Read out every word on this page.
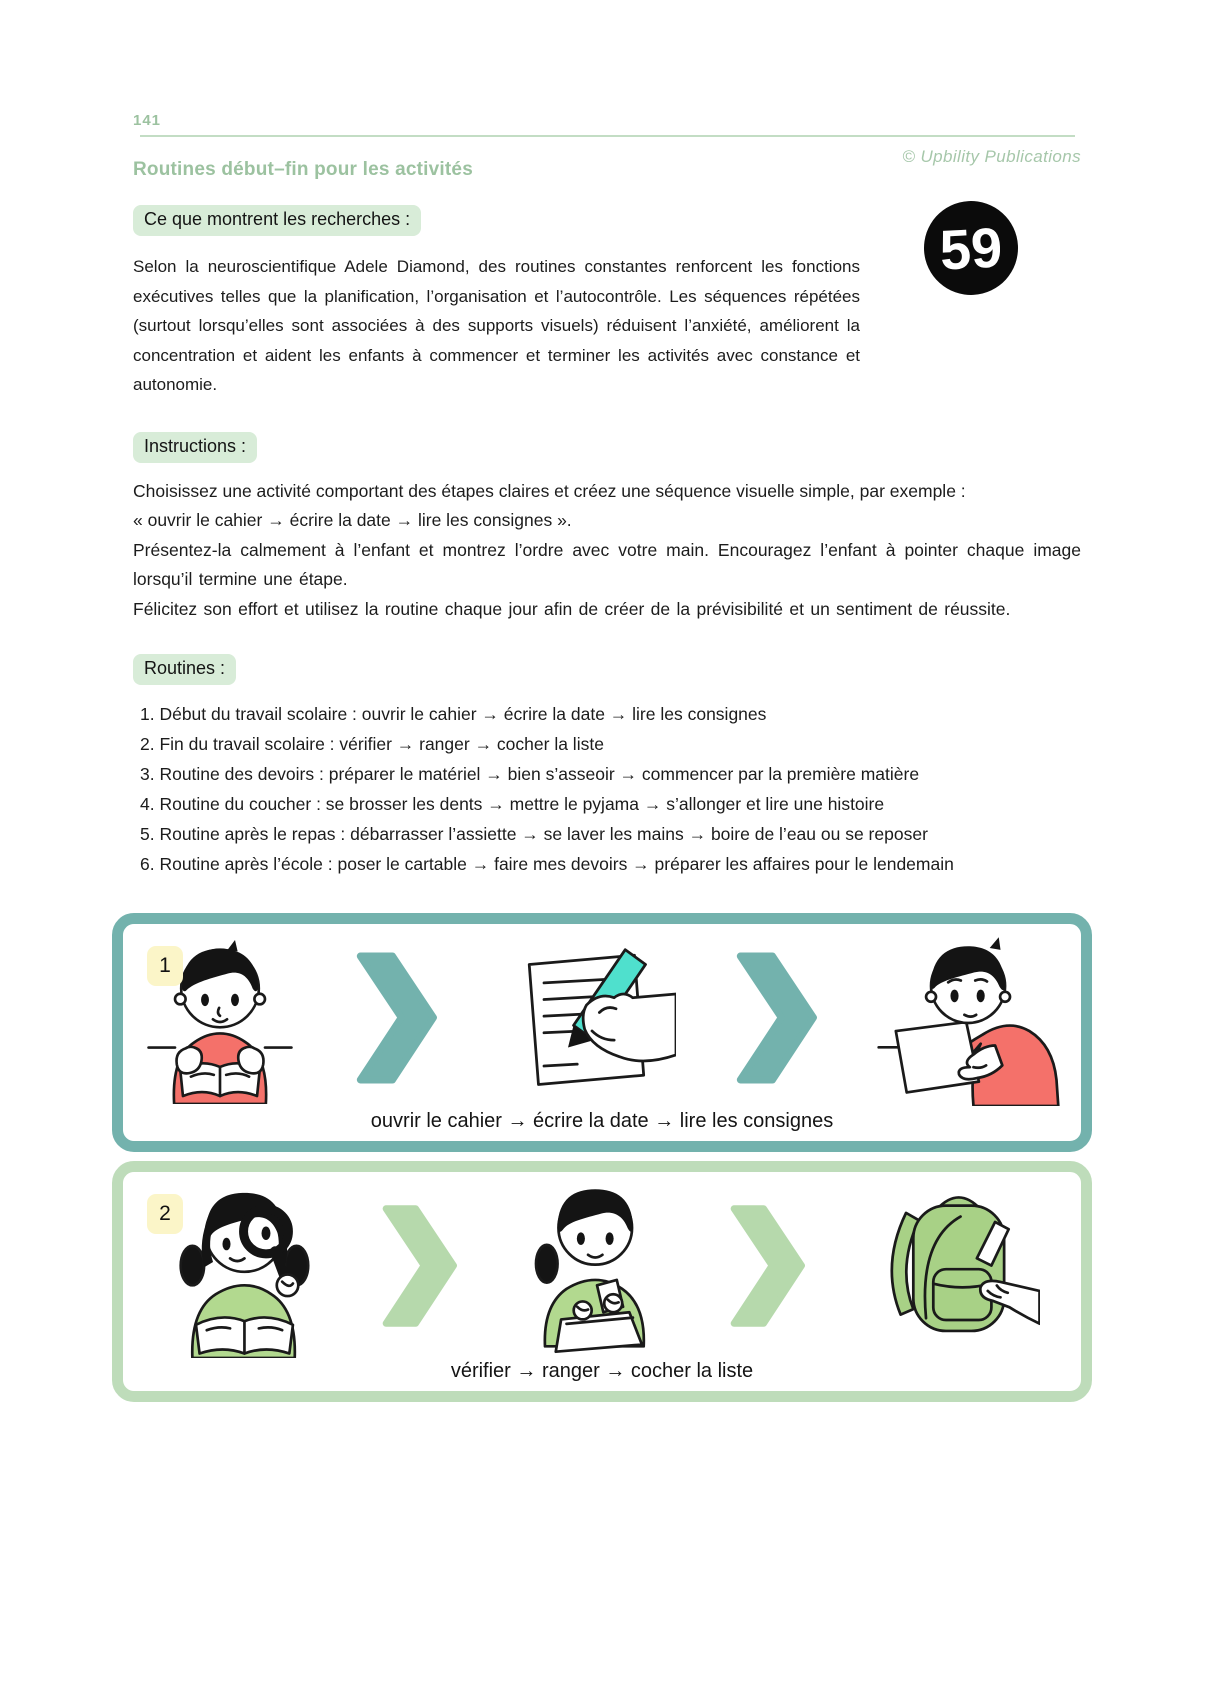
141
Routines début–fin pour les activités
© Upbility Publications
Ce que montrent les recherches :

Selon la neuroscientifique Adele Diamond, des routines constantes renforcent les fonctions exécutives telles que la planification, l’organisation et l’autocontrôle. Les séquences répétées (surtout lorsqu’elles sont associées à des supports visuels) réduisent l’anxiété, améliorent la concentration et aident les enfants à commencer et terminer les activités avec constance et autonomie.

59
Instructions :

Choisissez une activité comportant des étapes claires et créez une séquence visuelle simple, par exemple :

« ouvrir le cahier → écrire la date → lire les consignes ».

Présentez-la calmement à l’enfant et montrez l’ordre avec votre main. Encouragez l’enfant à pointer chaque image lorsqu’il termine une étape.

Félicitez son effort et utilisez la routine chaque jour afin de créer de la prévisibilité et un sentiment de réussite.

Routines :
1. Début du travail scolaire : ouvrir le cahier → écrire la date → lire les consignes
2. Fin du travail scolaire : vérifier → ranger → cocher la liste
3. Routine des devoirs : préparer le matériel → bien s’asseoir → commencer par la première matière
4. Routine du coucher : se brosser les dents → mettre le pyjama → s’allonger et lire une histoire
5. Routine après le repas : débarrasser l’assiette → se laver les mains → boire de l’eau ou se reposer
6. Routine après l’école : poser le cartable → faire mes devoirs → préparer les affaires pour le lendemain
1
ouvrir le cahier → écrire la date → lire les consignes
2
vérifier → ranger → cocher la liste
